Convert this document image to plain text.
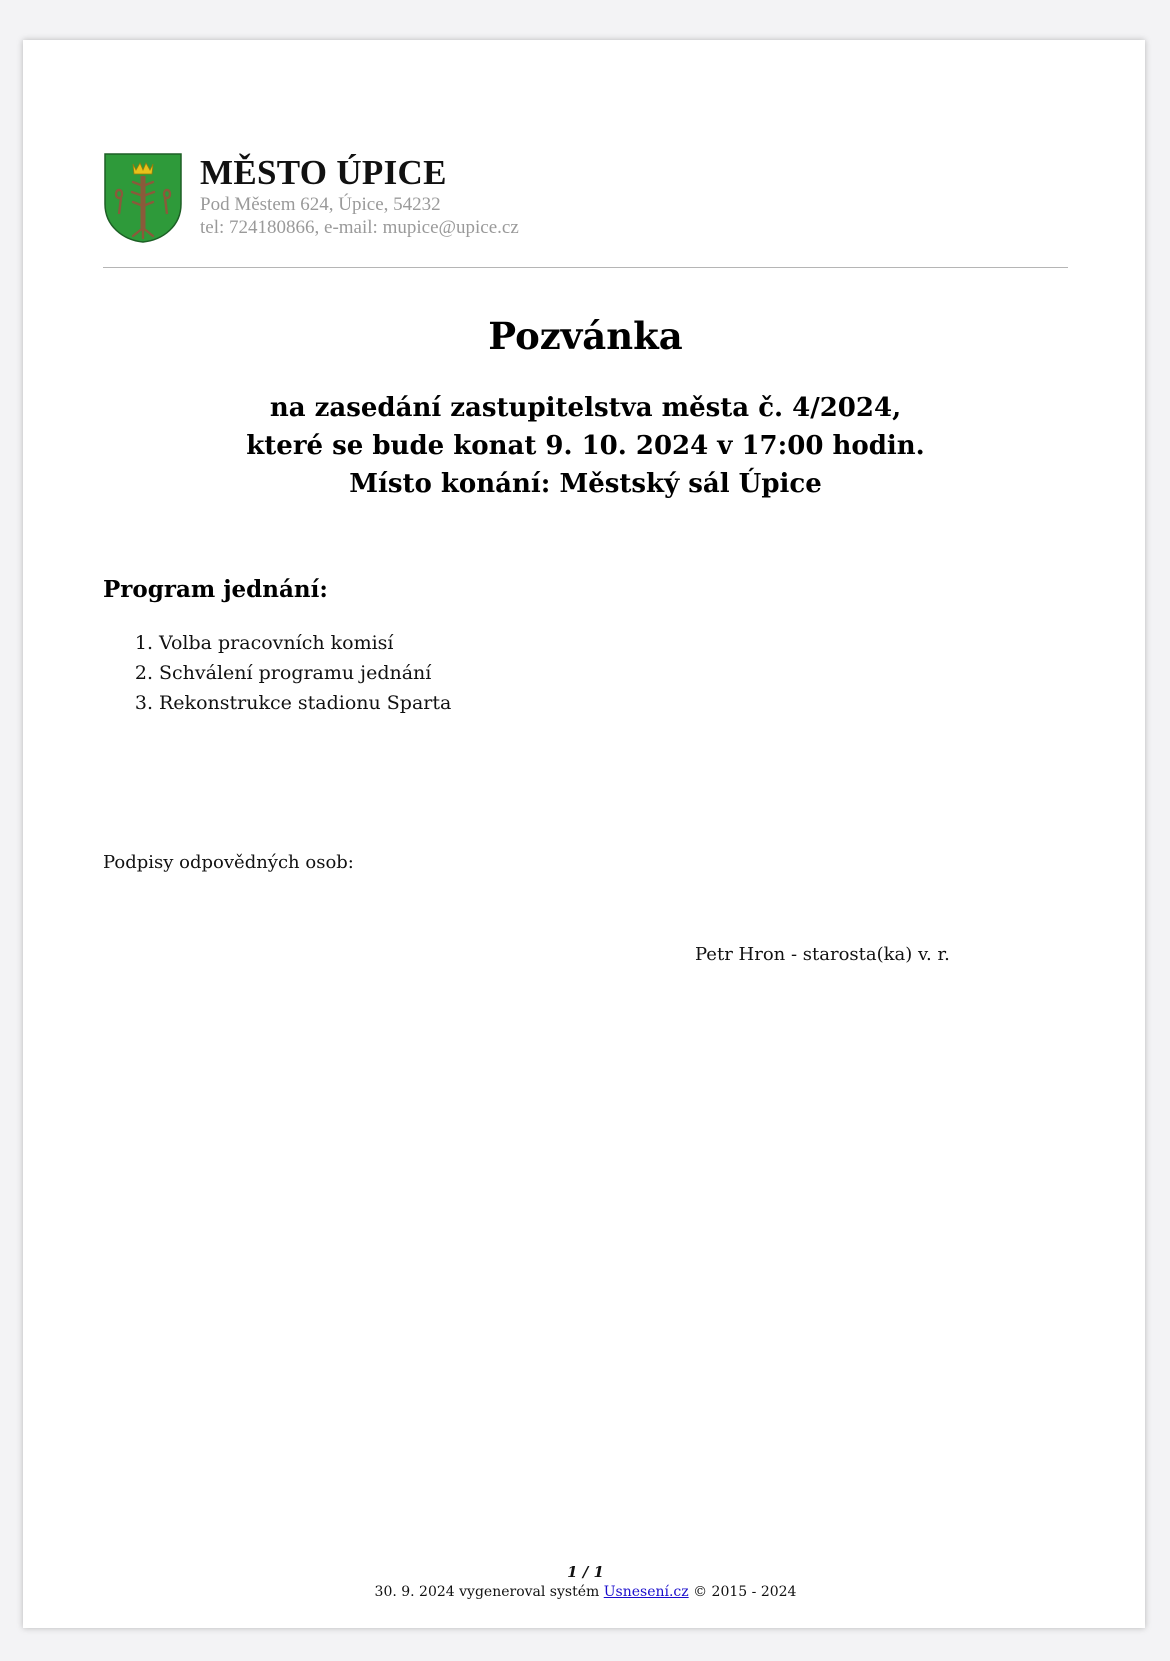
MĚSTO ÚPICE
Pod Městem 624, Úpice, 54232
tel: 724180866, e-mail: mupice@upice.cz
Pozvánka
na zasedání zastupitelstva města č. 4/2024,
které se bude konat 9. 10. 2024 v 17:00 hodin.
Místo konání: Městský sál Úpice
Program jednání:
1. Volba pracovních komisí
2. Schválení programu jednání
3. Rekonstrukce stadionu Sparta
Podpisy odpovědných osob:
Petr Hron - starosta(ka) v. r.
1 / 1
30. 9. 2024 vygeneroval systém Usnesení.cz © 2015 - 2024
